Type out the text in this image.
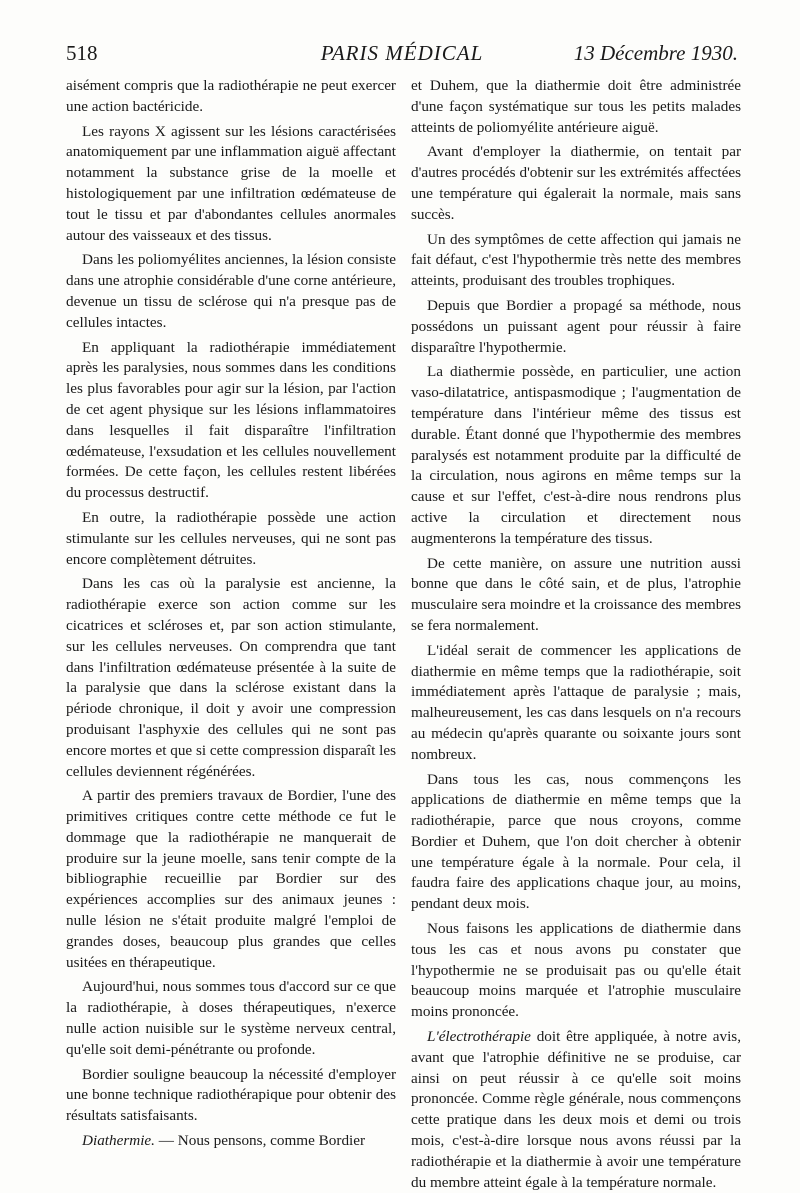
518	PARIS MÉDICAL	13 Décembre 1930.

aisément compris que la radiothérapie ne peut exercer une action bactéricide.

Les rayons X agissent sur les lésions caractérisées anatomiquement par une inflammation aiguë affectant notamment la substance grise de la moelle et histologiquement par une infiltration œdémateuse de tout le tissu et par d'abondantes cellules anormales autour des vaisseaux et des tissus.

Dans les poliomyélites anciennes, la lésion consiste dans une atrophie considérable d'une corne antérieure, devenue un tissu de sclérose qui n'a presque pas de cellules intactes.

En appliquant la radiothérapie immédiatement après les paralysies, nous sommes dans les conditions les plus favorables pour agir sur la lésion, par l'action de cet agent physique sur les lésions inflammatoires dans lesquelles il fait disparaître l'infiltration œdémateuse, l'exsudation et les cellules nouvellement formées. De cette façon, les cellules restent libérées du processus destructif.

En outre, la radiothérapie possède une action stimulante sur les cellules nerveuses, qui ne sont pas encore complètement détruites.

Dans les cas où la paralysie est ancienne, la radiothérapie exerce son action comme sur les cicatrices et scléroses et, par son action stimulante, sur les cellules nerveuses. On comprendra que tant dans l'infiltration œdémateuse présentée à la suite de la paralysie que dans la sclérose existant dans la période chronique, il doit y avoir une compression produisant l'asphyxie des cellules qui ne sont pas encore mortes et que si cette compression disparaît les cellules deviennent régénérées.

A partir des premiers travaux de Bordier, l'une des primitives critiques contre cette méthode ce fut le dommage que la radiothérapie ne manquerait de produire sur la jeune moelle, sans tenir compte de la bibliographie recueillie par Bordier sur des expériences accomplies sur des animaux jeunes : nulle lésion ne s'était produite malgré l'emploi de grandes doses, beaucoup plus grandes que celles usitées en thérapeutique.

Aujourd'hui, nous sommes tous d'accord sur ce que la radiothérapie, à doses thérapeutiques, n'exerce nulle action nuisible sur le système nerveux central, qu'elle soit demi-pénétrante ou profonde.

Bordier souligne beaucoup la nécessité d'employer une bonne technique radiothérapique pour obtenir des résultats satisfaisants.

Diathermie. — Nous pensons, comme Bordier

et Duhem, que la diathermie doit être administrée d'une façon systématique sur tous les petits malades atteints de poliomyélite antérieure aiguë.

Avant d'employer la diathermie, on tentait par d'autres procédés d'obtenir sur les extrémités affectées une température qui égalerait la normale, mais sans succès.

Un des symptômes de cette affection qui jamais ne fait défaut, c'est l'hypothermie très nette des membres atteints, produisant des troubles trophiques.

Depuis que Bordier a propagé sa méthode, nous possédons un puissant agent pour réussir à faire disparaître l'hypothermie.

La diathermie possède, en particulier, une action vaso-dilatatrice, antispasmodique ; l'augmentation de température dans l'intérieur même des tissus est durable. Étant donné que l'hypothermie des membres paralysés est notamment produite par la difficulté de la circulation, nous agirons en même temps sur la cause et sur l'effet, c'est-à-dire nous rendrons plus active la circulation et directement nous augmenterons la température des tissus.

De cette manière, on assure une nutrition aussi bonne que dans le côté sain, et de plus, l'atrophie musculaire sera moindre et la croissance des membres se fera normalement.

L'idéal serait de commencer les applications de diathermie en même temps que la radiothérapie, soit immédiatement après l'attaque de paralysie ; mais, malheureusement, les cas dans lesquels on n'a recours au médecin qu'après quarante ou soixante jours sont nombreux.

Dans tous les cas, nous commençons les applications de diathermie en même temps que la radiothérapie, parce que nous croyons, comme Bordier et Duhem, que l'on doit chercher à obtenir une température égale à la normale. Pour cela, il faudra faire des applications chaque jour, au moins, pendant deux mois.

Nous faisons les applications de diathermie dans tous les cas et nous avons pu constater que l'hypothermie ne se produisait pas ou qu'elle était beaucoup moins marquée et l'atrophie musculaire moins prononcée.

L'électrothérapie doit être appliquée, à notre avis, avant que l'atrophie définitive ne se produise, car ainsi on peut réussir à ce qu'elle soit moins prononcée. Comme règle générale, nous commençons cette pratique dans les deux mois et demi ou trois mois, c'est-à-dire lorsque nous avons réussi par la radiothérapie et la diathermie à avoir une température du membre atteint égale à la température normale.
